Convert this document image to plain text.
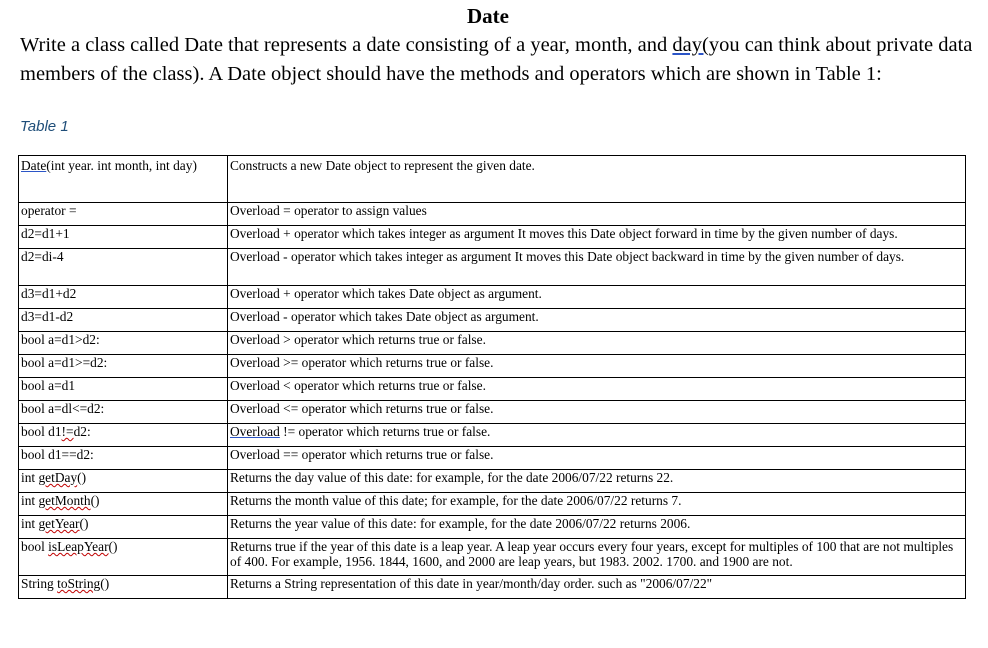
Date
Write a class called Date that represents a date consisting of a year, month, and day(you can think about private data members of the class). A Date object should have the methods and operators which are shown in Table 1:
Table 1
Date(int year. int month, int day)	Constructs a new Date object to represent the given date.
operator =	Overload = operator to assign values
d2=d1+1	Overload + operator which takes integer as argument It moves this Date object forward in time by the given number of days.
d2=di-4	Overload - operator which takes integer as argument It moves this Date object backward in time by the given number of days.
d3=d1+d2	Overload + operator which takes Date object as argument.
d3=d1-d2	Overload - operator which takes Date object as argument.
bool a=d1>d2:	Overload > operator which returns true or false.
bool a=d1>=d2:	Overload >= operator which returns true or false.
bool a=d1	Overload < operator which returns true or false.
bool a=dl<=d2:	Overload <= operator which returns true or false.
bool d1!=d2:	Overload != operator which returns true or false.
bool d1==d2:	Overload == operator which returns true or false.
int getDay()	Returns the day value of this date: for example, for the date 2006/07/22 returns 22.
int getMonth()	Returns the month value of this date; for example, for the date 2006/07/22 returns 7.
int getYear()	Returns the year value of this date: for example, for the date 2006/07/22 returns 2006.
bool isLeapYear()	Returns true if the year of this date is a leap year. A leap year occurs every four years, except for multiples of 100 that are not multiples of 400. For example, 1956. 1844, 1600, and 2000 are leap years, but 1983. 2002. 1700. and 1900 are not.
String toString()	Returns a String representation of this date in year/month/day order. such as "2006/07/22"
